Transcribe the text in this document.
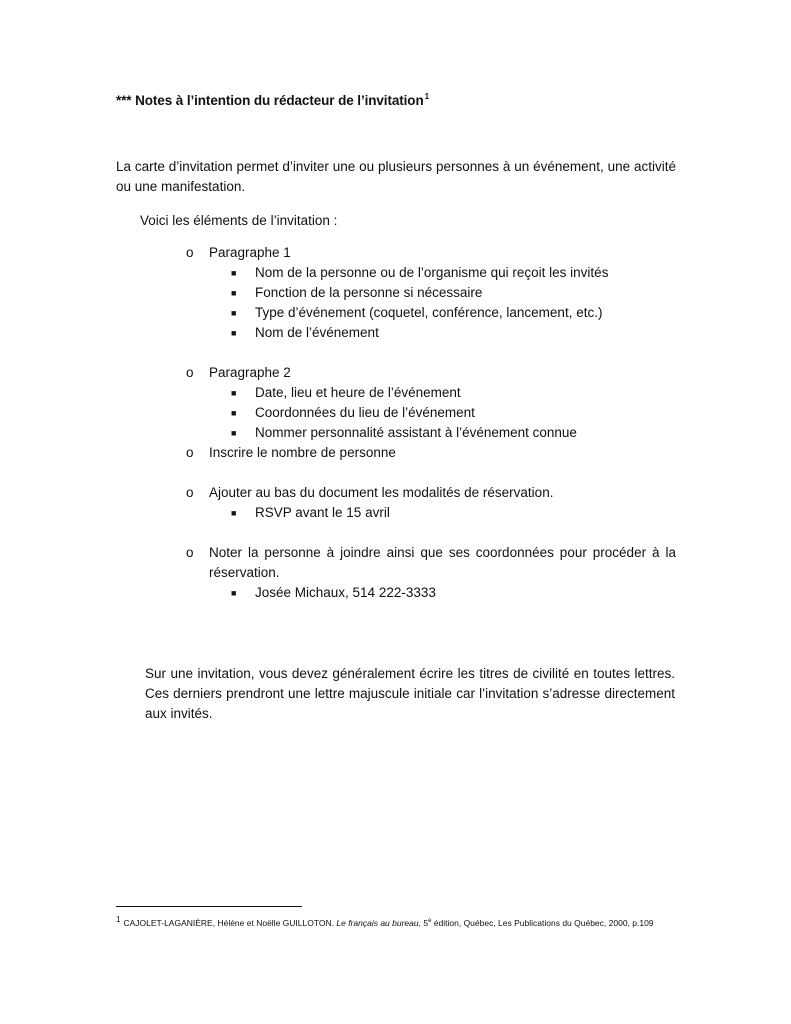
*** Notes à l’intention du rédacteur de l’invitation$^1$
La carte d’invitation permet d’inviter une ou plusieurs personnes à un événement, une activité ou une manifestation.
Voici les éléments de l’invitation :
o	Paragraphe 1
■	Nom de la personne ou de l’organisme qui reçoit les invités
■	Fonction de la personne si nécessaire
■	Type d’événement (coquetel, conférence, lancement, etc.)
■	Nom de l’événement
o	Paragraphe 2
■	Date, lieu et heure de l’événement
■	Coordonnées du lieu de l’événement
■	Nommer personnalité assistant à l’événement connue
o	Inscrire le nombre de personne
o	Ajouter au bas du document les modalités de réservation.
■	RSVP avant le 15 avril
o	Noter la personne à joindre ainsi que ses coordonnées pour procéder à la réservation.
■	Josée Michaux, 514 222-3333
Sur une invitation, vous devez généralement écrire les titres de civilité en toutes lettres. Ces derniers prendront une lettre majuscule initiale car l’invitation s’adresse directement aux invités.
1 CAJOLET-LAGANIÈRE, Hélène et Noëlle GUILLOTON. Le français au bureau, 5e édition, Québec, Les Publications du Québec, 2000, p.109
